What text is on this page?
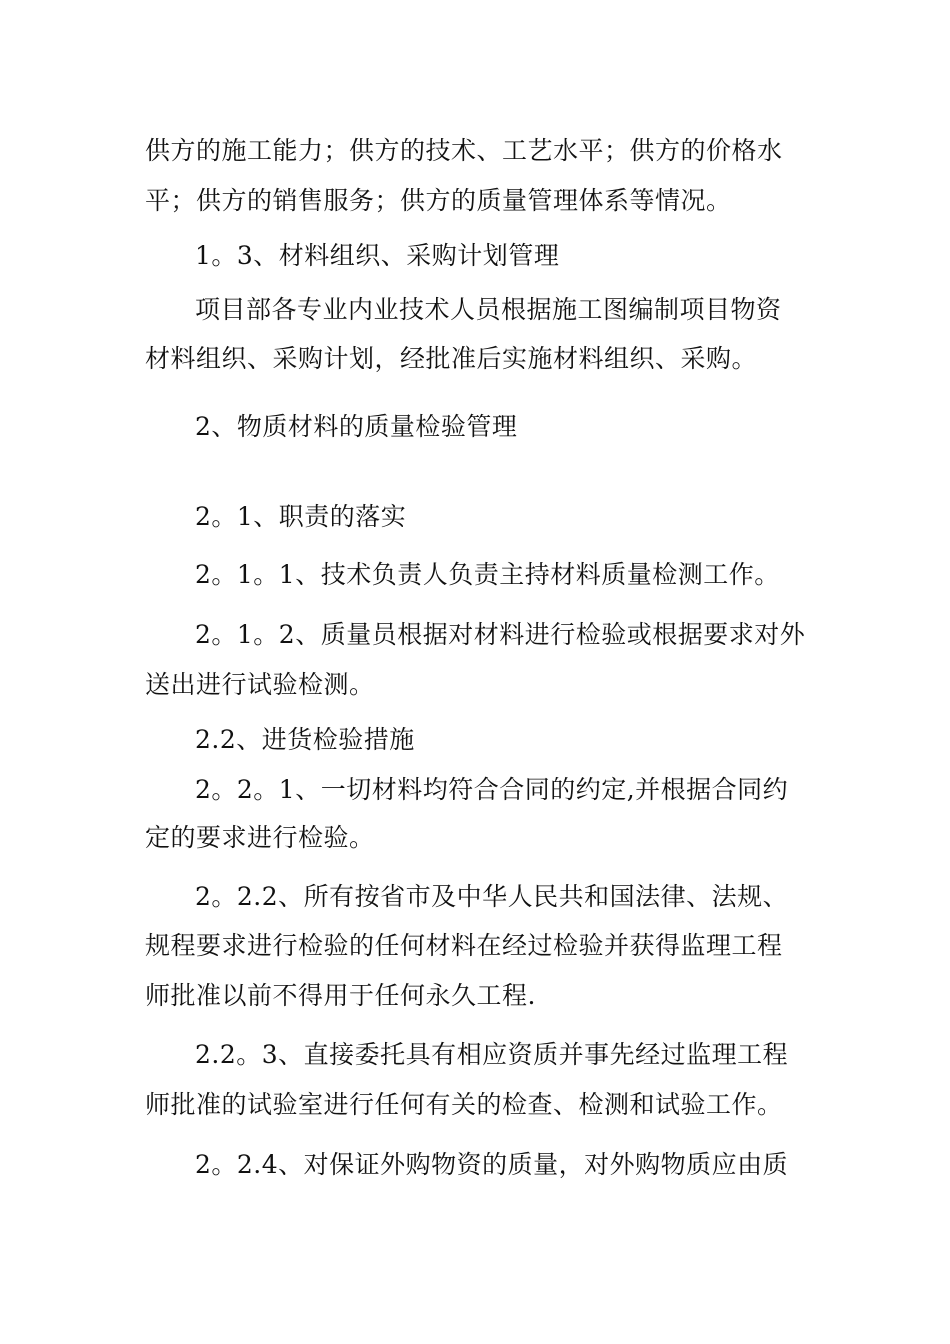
供方的施工能力；供方的技术、工艺水平；供方的价格水

平；供方的销售服务；供方的质量管理体系等情况。

1。3、材料组织、采购计划管理

项目部各专业内业技术人员根据施工图编制项目物资

材料组织、采购计划，经批准后实施材料组织、采购。

2、物质材料的质量检验管理

2。1、职责的落实

2。1。1、技术负责人负责主持材料质量检测工作。

2。1。2、质量员根据对材料进行检验或根据要求对外

送出进行试验检测。

2.2、进货检验措施

2。2。1、一切材料均符合合同的约定,并根据合同约

定的要求进行检验。

2。2.2、所有按省市及中华人民共和国法律、法规、

规程要求进行检验的任何材料在经过检验并获得监理工程

师批准以前不得用于任何永久工程.

2.2。3、直接委托具有相应资质并事先经过监理工程

师批准的试验室进行任何有关的检查、检测和试验工作。

2。2.4、对保证外购物资的质量，对外购物质应由质
